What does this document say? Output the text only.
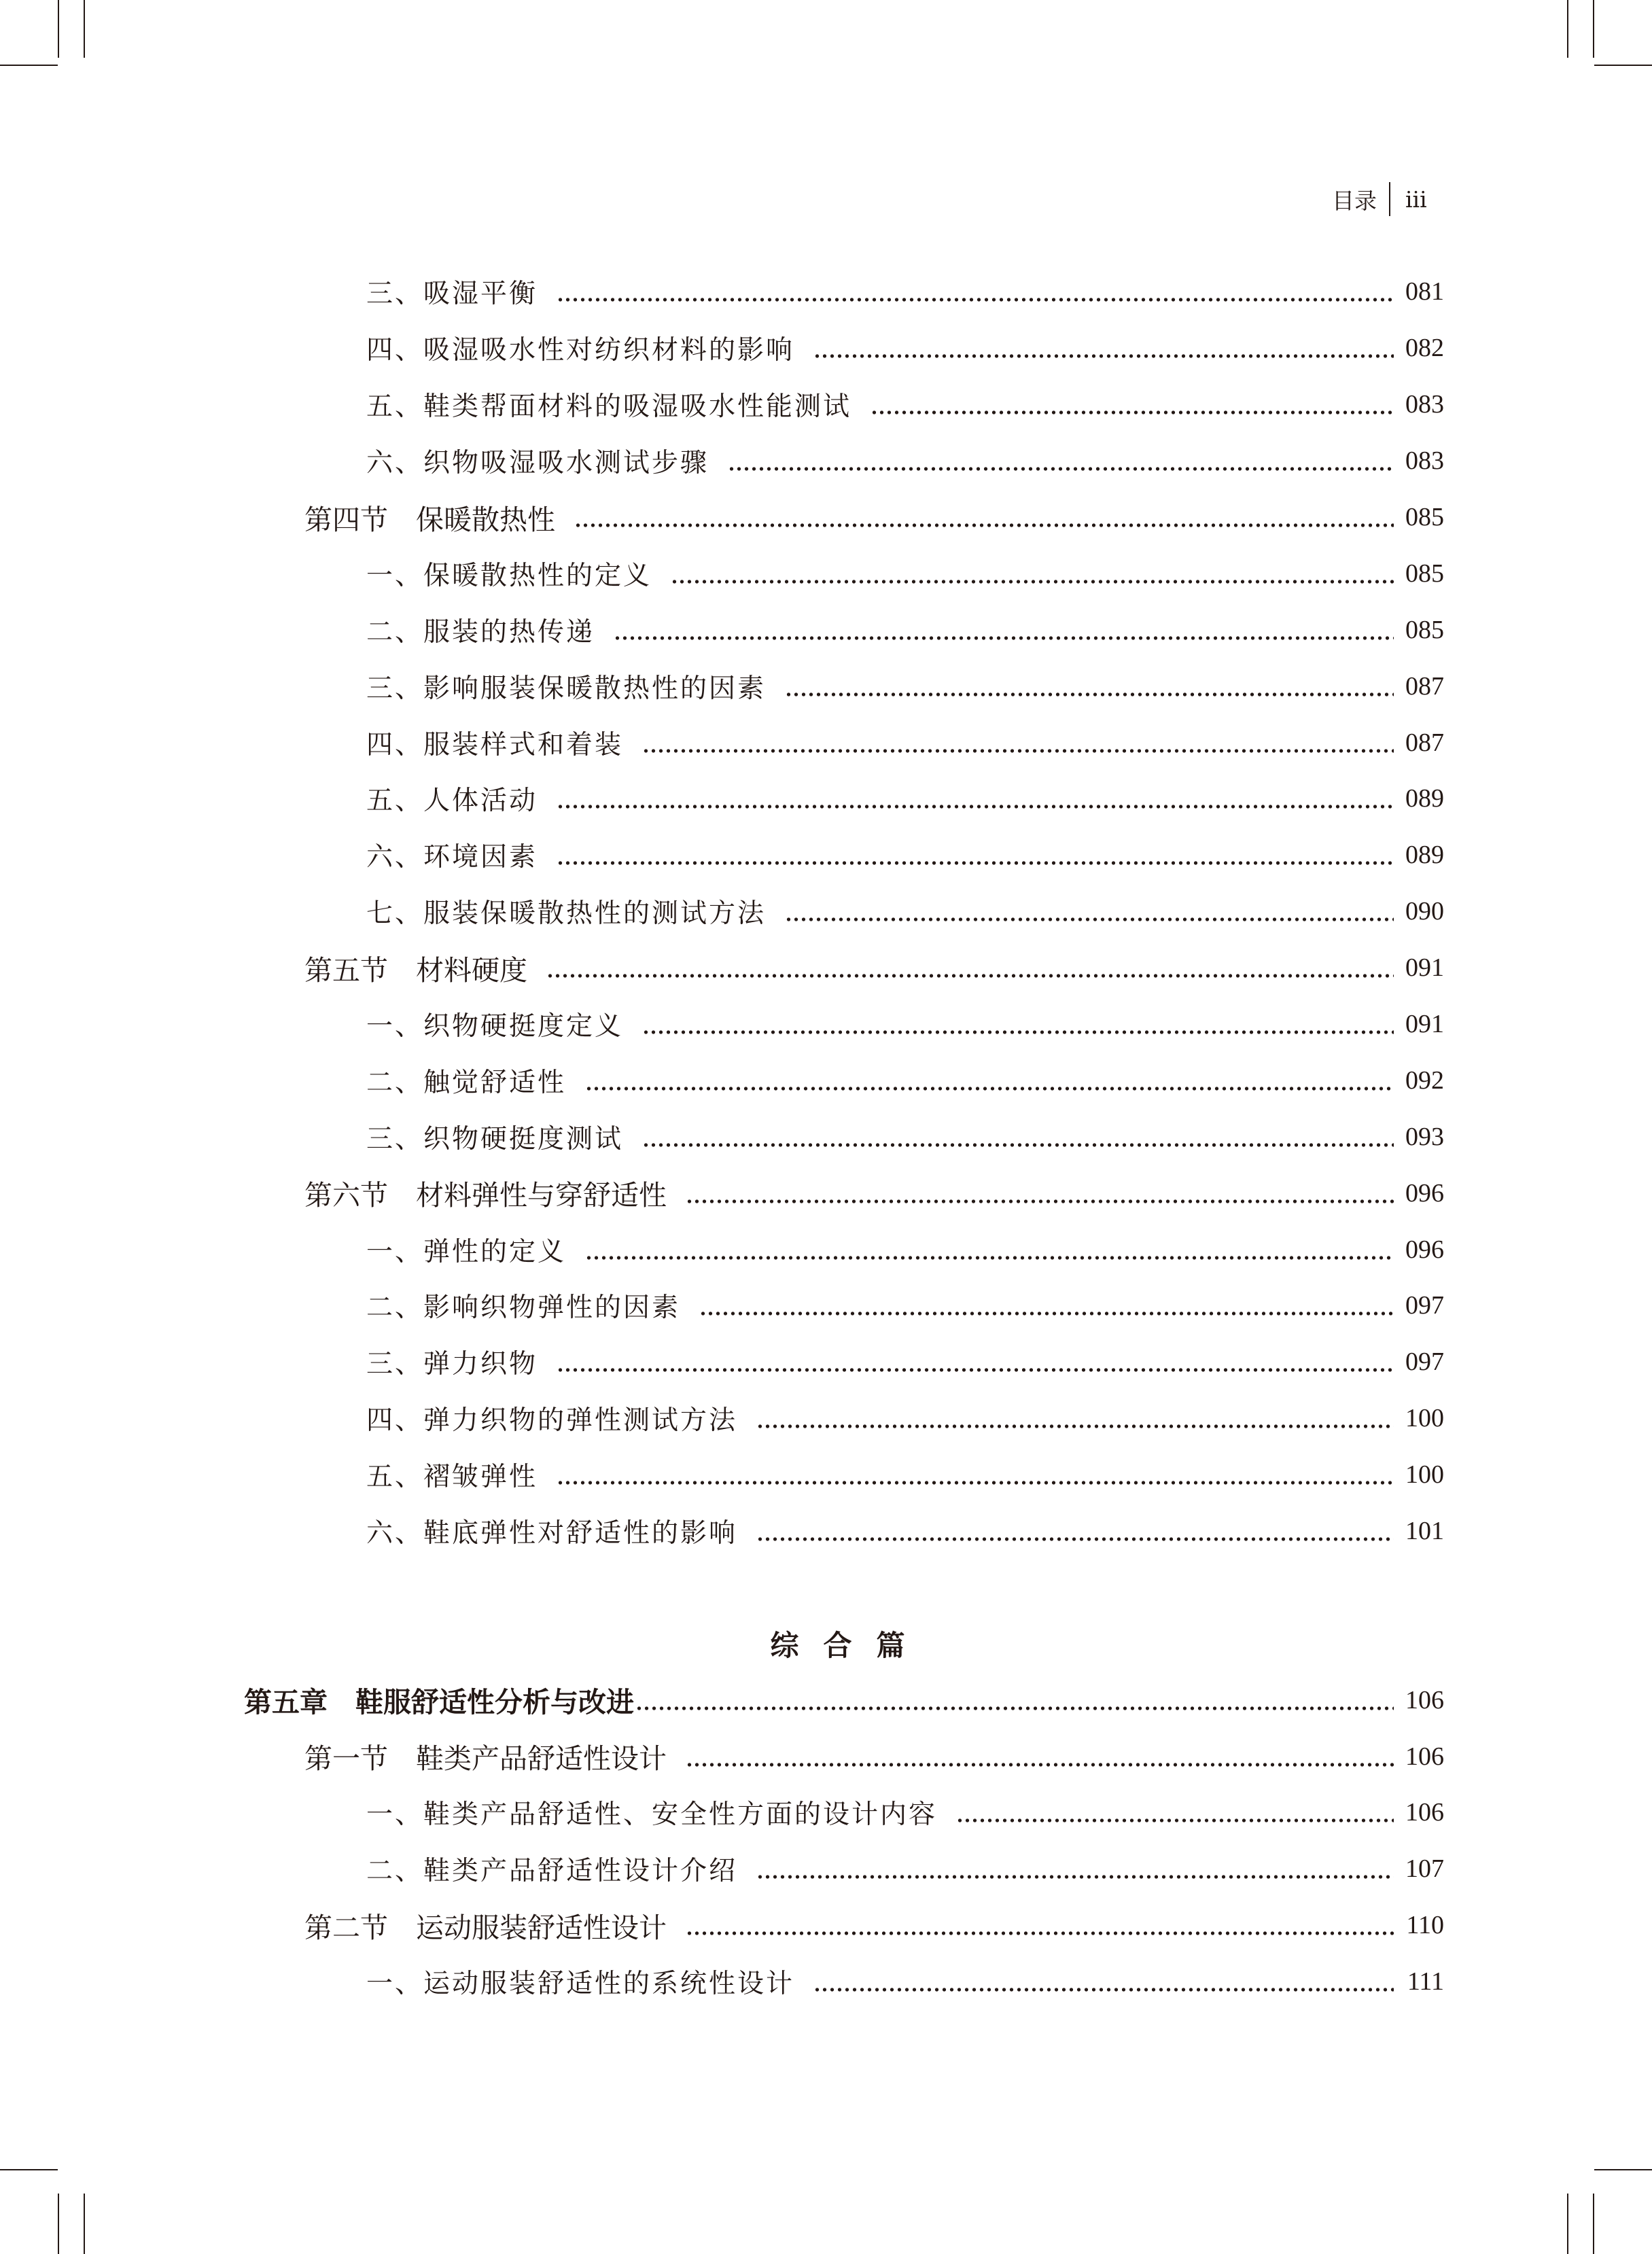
目录 iii
三、吸湿平衡	081
四、吸湿吸水性对纺织材料的影响	082
五、鞋类帮面材料的吸湿吸水性能测试	083
六、织物吸湿吸水测试步骤	083
第四节　保暖散热性	085
一、保暖散热性的定义	085
二、服装的热传递	085
三、影响服装保暖散热性的因素	087
四、服装样式和着装	087
五、人体活动	089
六、环境因素	089
七、服装保暖散热性的测试方法	090
第五节　材料硬度	091
一、织物硬挺度定义	091
二、触觉舒适性	092
三、织物硬挺度测试	093
第六节　材料弹性与穿舒适性	096
一、弹性的定义	096
二、影响织物弹性的因素	097
三、弹力织物	097
四、弹力织物的弹性测试方法	100
五、褶皱弹性	100
六、鞋底弹性对舒适性的影响	101
综合篇
第五章　鞋服舒适性分析与改进	106
第一节　鞋类产品舒适性设计	106
一、鞋类产品舒适性、安全性方面的设计内容	106
二、鞋类产品舒适性设计介绍	107
第二节　运动服装舒适性设计	110
一、运动服装舒适性的系统性设计	111
